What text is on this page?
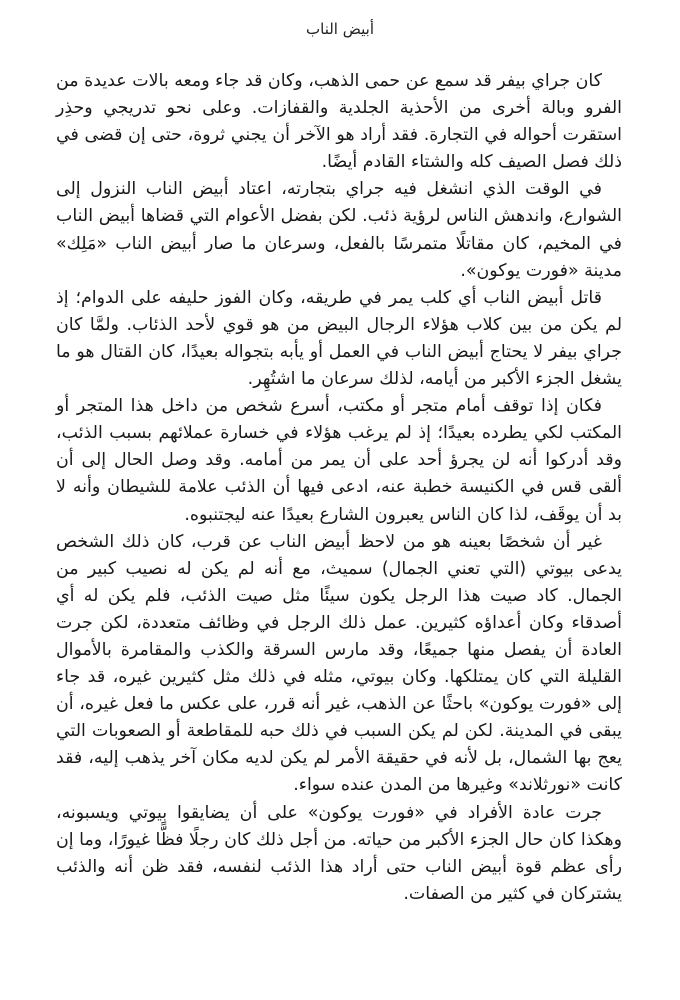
أبيض الناب

كان جراي بيفر قد سمع عن حمى الذهب، وكان قد جاء ومعه بالات عديدة من الفرو وبالة أخرى من الأحذية الجلدية والقفازات. وعلى نحو تدريجي وحذِر استقرت أحواله في التجارة. فقد أراد هو الآخر أن يجني ثروة، حتى إن قضى في ذلك فصل الصيف كله والشتاء القادم أيضًا.

في الوقت الذي انشغل فيه جراي بتجارته، اعتاد أبيض الناب النزول إلى الشوارع، واندهش الناس لرؤية ذئب. لكن بفضل الأعوام التي قضاها أبيض الناب في المخيم، كان مقاتلًا متمرسًا بالفعل، وسرعان ما صار أبيض الناب «مَلِك» مدينة «فورت يوكون».

قاتل أبيض الناب أي كلب يمر في طريقه، وكان الفوز حليفه على الدوام؛ إذ لم يكن من بين كلاب هؤلاء الرجال البيض من هو قوي لأحد الذئاب. ولمَّا كان جراي بيفر لا يحتاج أبيض الناب في العمل أو يأبه بتجواله بعيدًا، كان القتال هو ما يشغل الجزء الأكبر من أيامه، لذلك سرعان ما اشتُهِر.

فكان إذا توقف أمام متجر أو مكتب، أسرع شخص من داخل هذا المتجر أو المكتب لكي يطرده بعيدًا؛ إذ لم يرغب هؤلاء في خسارة عملائهم بسبب الذئب، وقد أدركوا أنه لن يجرؤ أحد على أن يمر من أمامه. وقد وصل الحال إلى أن ألقى قس في الكنيسة خطبة عنه، ادعى فيها أن الذئب علامة للشيطان وأنه لا بد أن يوقَف، لذا كان الناس يعبرون الشارع بعيدًا عنه ليجتنبوه.

غير أن شخصًا بعينه هو من لاحظ أبيض الناب عن قرب، كان ذلك الشخص يدعى بيوتي (التي تعني الجمال) سميث، مع أنه لم يكن له نصيب كبير من الجمال. كاد صيت هذا الرجل يكون سيئًا مثل صيت الذئب، فلم يكن له أي أصدقاء وكان أعداؤه كثيرين. عمل ذلك الرجل في وظائف متعددة، لكن جرت العادة أن يفصل منها جميعًا، وقد مارس السرقة والكذب والمقامرة بالأموال القليلة التي كان يمتلكها. وكان بيوتي، مثله في ذلك مثل كثيرين غيره، قد جاء إلى «فورت يوكون» باحثًا عن الذهب، غير أنه قرر، على عكس ما فعل غيره، أن يبقى في المدينة. لكن لم يكن السبب في ذلك حبه للمقاطعة أو الصعوبات التي يعج بها الشمال، بل لأنه في حقيقة الأمر لم يكن لديه مكان آخر يذهب إليه، فقد كانت «نورثلاند» وغيرها من المدن عنده سواء.

جرت عادة الأفراد في «فورت يوكون» على أن يضايقوا بيوتي ويسبونه، وهكذا كان حال الجزء الأكبر من حياته. من أجل ذلك كان رجلًا فظًّا غيورًا، وما إن رأى عظم قوة أبيض الناب حتى أراد هذا الذئب لنفسه، فقد ظن أنه والذئب يشتركان في كثير من الصفات.
